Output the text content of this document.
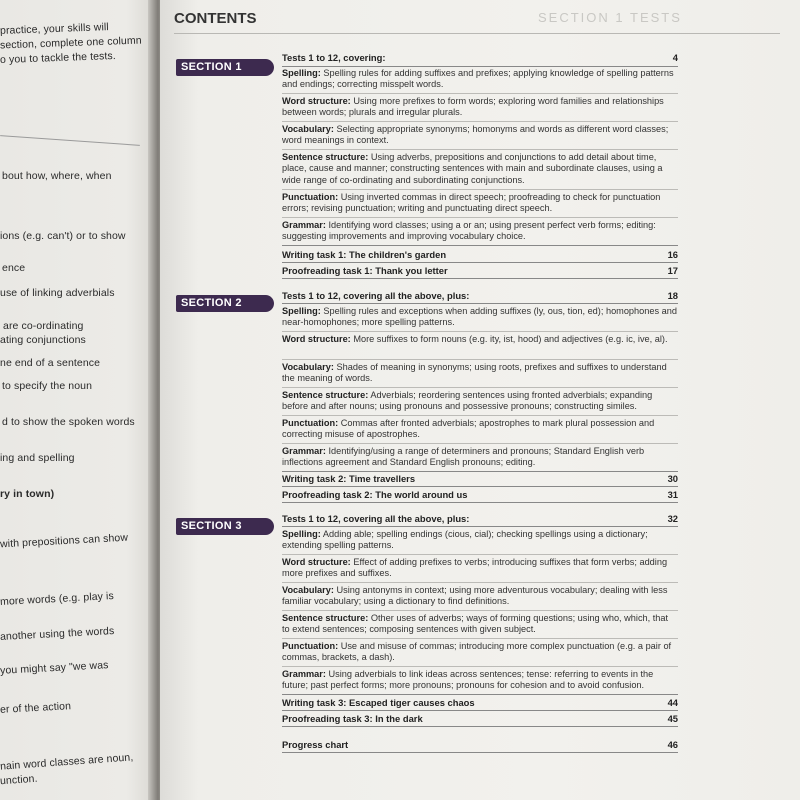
practice, your skills will
section, complete one column
o you to tackle the tests.
bout how, where, when
ions (e.g. can't) or to show
ence
use of linking adverbials
are co-ordinating
ating conjunctions
ne end of a sentence
to specify the noun
d to show the spoken words
ing and spelling
ry in town)
with prepositions can show
more words (e.g. play is
another using the words
you might say "we was
er of the action
nain word classes are noun,
unction.
CONTENTS	SECTION 1 TESTS
SECTION 1
Tests 1 to 12, covering:	4
Spelling: Spelling rules for adding suffixes and prefixes; applying knowledge of spelling patterns and endings; correcting misspelt words.
Word structure: Using more prefixes to form words; exploring word families and relationships between words; plurals and irregular plurals.
Vocabulary: Selecting appropriate synonyms; homonyms and words as different word classes; word meanings in context.
Sentence structure: Using adverbs, prepositions and conjunctions to add detail about time, place, cause and manner; constructing sentences with main and subordinate clauses, using a wide range of co-ordinating and subordinating conjunctions.
Punctuation: Using inverted commas in direct speech; proofreading to check for punctuation errors; revising punctuation; writing and punctuating direct speech.
Grammar: Identifying word classes; using a or an; using present perfect verb forms; editing: suggesting improvements and improving vocabulary choice.
Writing task 1: The children's garden	16
Proofreading task 1: Thank you letter	17
SECTION 2
Tests 1 to 12, covering all the above, plus:	18
Spelling: Spelling rules and exceptions when adding suffixes (ly, ous, tion, ed); homophones and near-homophones; more spelling patterns.
Word structure: More suffixes to form nouns (e.g. ity, ist, hood) and adjectives (e.g. ic, ive, al).
Vocabulary: Shades of meaning in synonyms; using roots, prefixes and suffixes to understand the meaning of words.
Sentence structure: Adverbials; reordering sentences using fronted adverbials; expanding before and after nouns; using pronouns and possessive pronouns; constructing similes.
Punctuation: Commas after fronted adverbials; apostrophes to mark plural possession and correcting misuse of apostrophes.
Grammar: Identifying/using a range of determiners and pronouns; Standard English verb inflections agreement and Standard English pronouns; editing.
Writing task 2: Time travellers	30
Proofreading task 2: The world around us	31
SECTION 3
Tests 1 to 12, covering all the above, plus:	32
Spelling: Adding able; spelling endings (cious, cial); checking spellings using a dictionary; extending spelling patterns.
Word structure: Effect of adding prefixes to verbs; introducing suffixes that form verbs; adding more prefixes and suffixes.
Vocabulary: Using antonyms in context; using more adventurous vocabulary; dealing with less familiar vocabulary; using a dictionary to find definitions.
Sentence structure: Other uses of adverbs; ways of forming questions; using who, which, that to extend sentences; composing sentences with given subject.
Punctuation: Use and misuse of commas; introducing more complex punctuation (e.g. a pair of commas, brackets, a dash).
Grammar: Using adverbials to link ideas across sentences; tense: referring to events in the future; past perfect forms; more pronouns; pronouns for cohesion and to avoid confusion.
Writing task 3: Escaped tiger causes chaos	44
Proofreading task 3: In the dark	45
Progress chart	46
